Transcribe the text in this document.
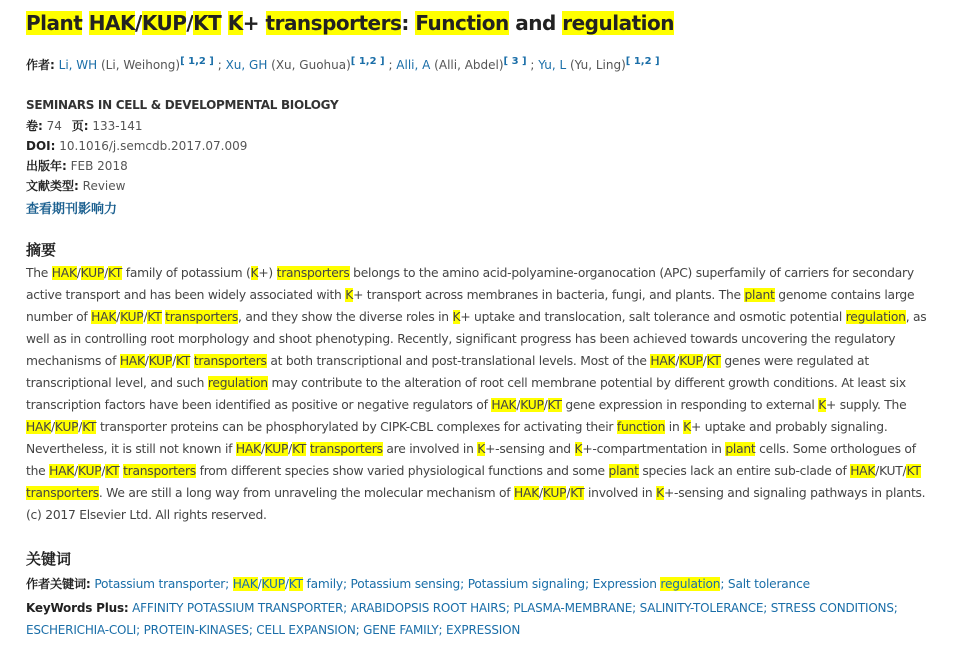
Plant HAK/KUP/KT K+ transporters: Function and regulation
作者: Li, WH (Li, Weihong)[ 1,2 ] ; Xu, GH (Xu, Guohua)[ 1,2 ] ; Alli, A (Alli, Abdel)[ 3 ] ; Yu, L (Yu, Ling)[ 1,2 ]
SEMINARS IN CELL & DEVELOPMENTAL BIOLOGY
卷: 74 页: 133-141
DOI: 10.1016/j.semcdb.2017.07.009
出版年: FEB 2018
文献类型: Review
查看期刊影响力
摘要
The HAK/KUP/KT family of potassium (K+) transporters belongs to the amino acid-polyamine-organocation (APC) superfamily of carriers for secondary
active transport and has been widely associated with K+ transport across membranes in bacteria, fungi, and plants. The plant genome contains large
number of HAK/KUP/KT transporters, and they show the diverse roles in K+ uptake and translocation, salt tolerance and osmotic potential regulation, as
well as in controlling root morphology and shoot phenotyping. Recently, significant progress has been achieved towards uncovering the regulatory
mechanisms of HAK/KUP/KT transporters at both transcriptional and post-translational levels. Most of the HAK/KUP/KT genes were regulated at
transcriptional level, and such regulation may contribute to the alteration of root cell membrane potential by different growth conditions. At least six
transcription factors have been identified as positive or negative regulators of HAK/KUP/KT gene expression in responding to external K+ supply. The
HAK/KUP/KT transporter proteins can be phosphorylated by CIPK-CBL complexes for activating their function in K+ uptake and probably signaling.
Nevertheless, it is still not known if HAK/KUP/KT transporters are involved in K+-sensing and K+-compartmentation in plant cells. Some orthologues of
the HAK/KUP/KT transporters from different species show varied physiological functions and some plant species lack an entire sub-clade of HAK/KUT/KT
transporters. We are still a long way from unraveling the molecular mechanism of HAK/KUP/KT involved in K+-sensing and signaling pathways in plants.
(c) 2017 Elsevier Ltd. All rights reserved.
关键词
作者关键词: Potassium transporter; HAK/KUP/KT family; Potassium sensing; Potassium signaling; Expression regulation; Salt tolerance
KeyWords Plus: AFFINITY POTASSIUM TRANSPORTER; ARABIDOPSIS ROOT HAIRS; PLASMA-MEMBRANE; SALINITY-TOLERANCE; STRESS CONDITIONS;
ESCHERICHIA-COLI; PROTEIN-KINASES; CELL EXPANSION; GENE FAMILY; EXPRESSION
